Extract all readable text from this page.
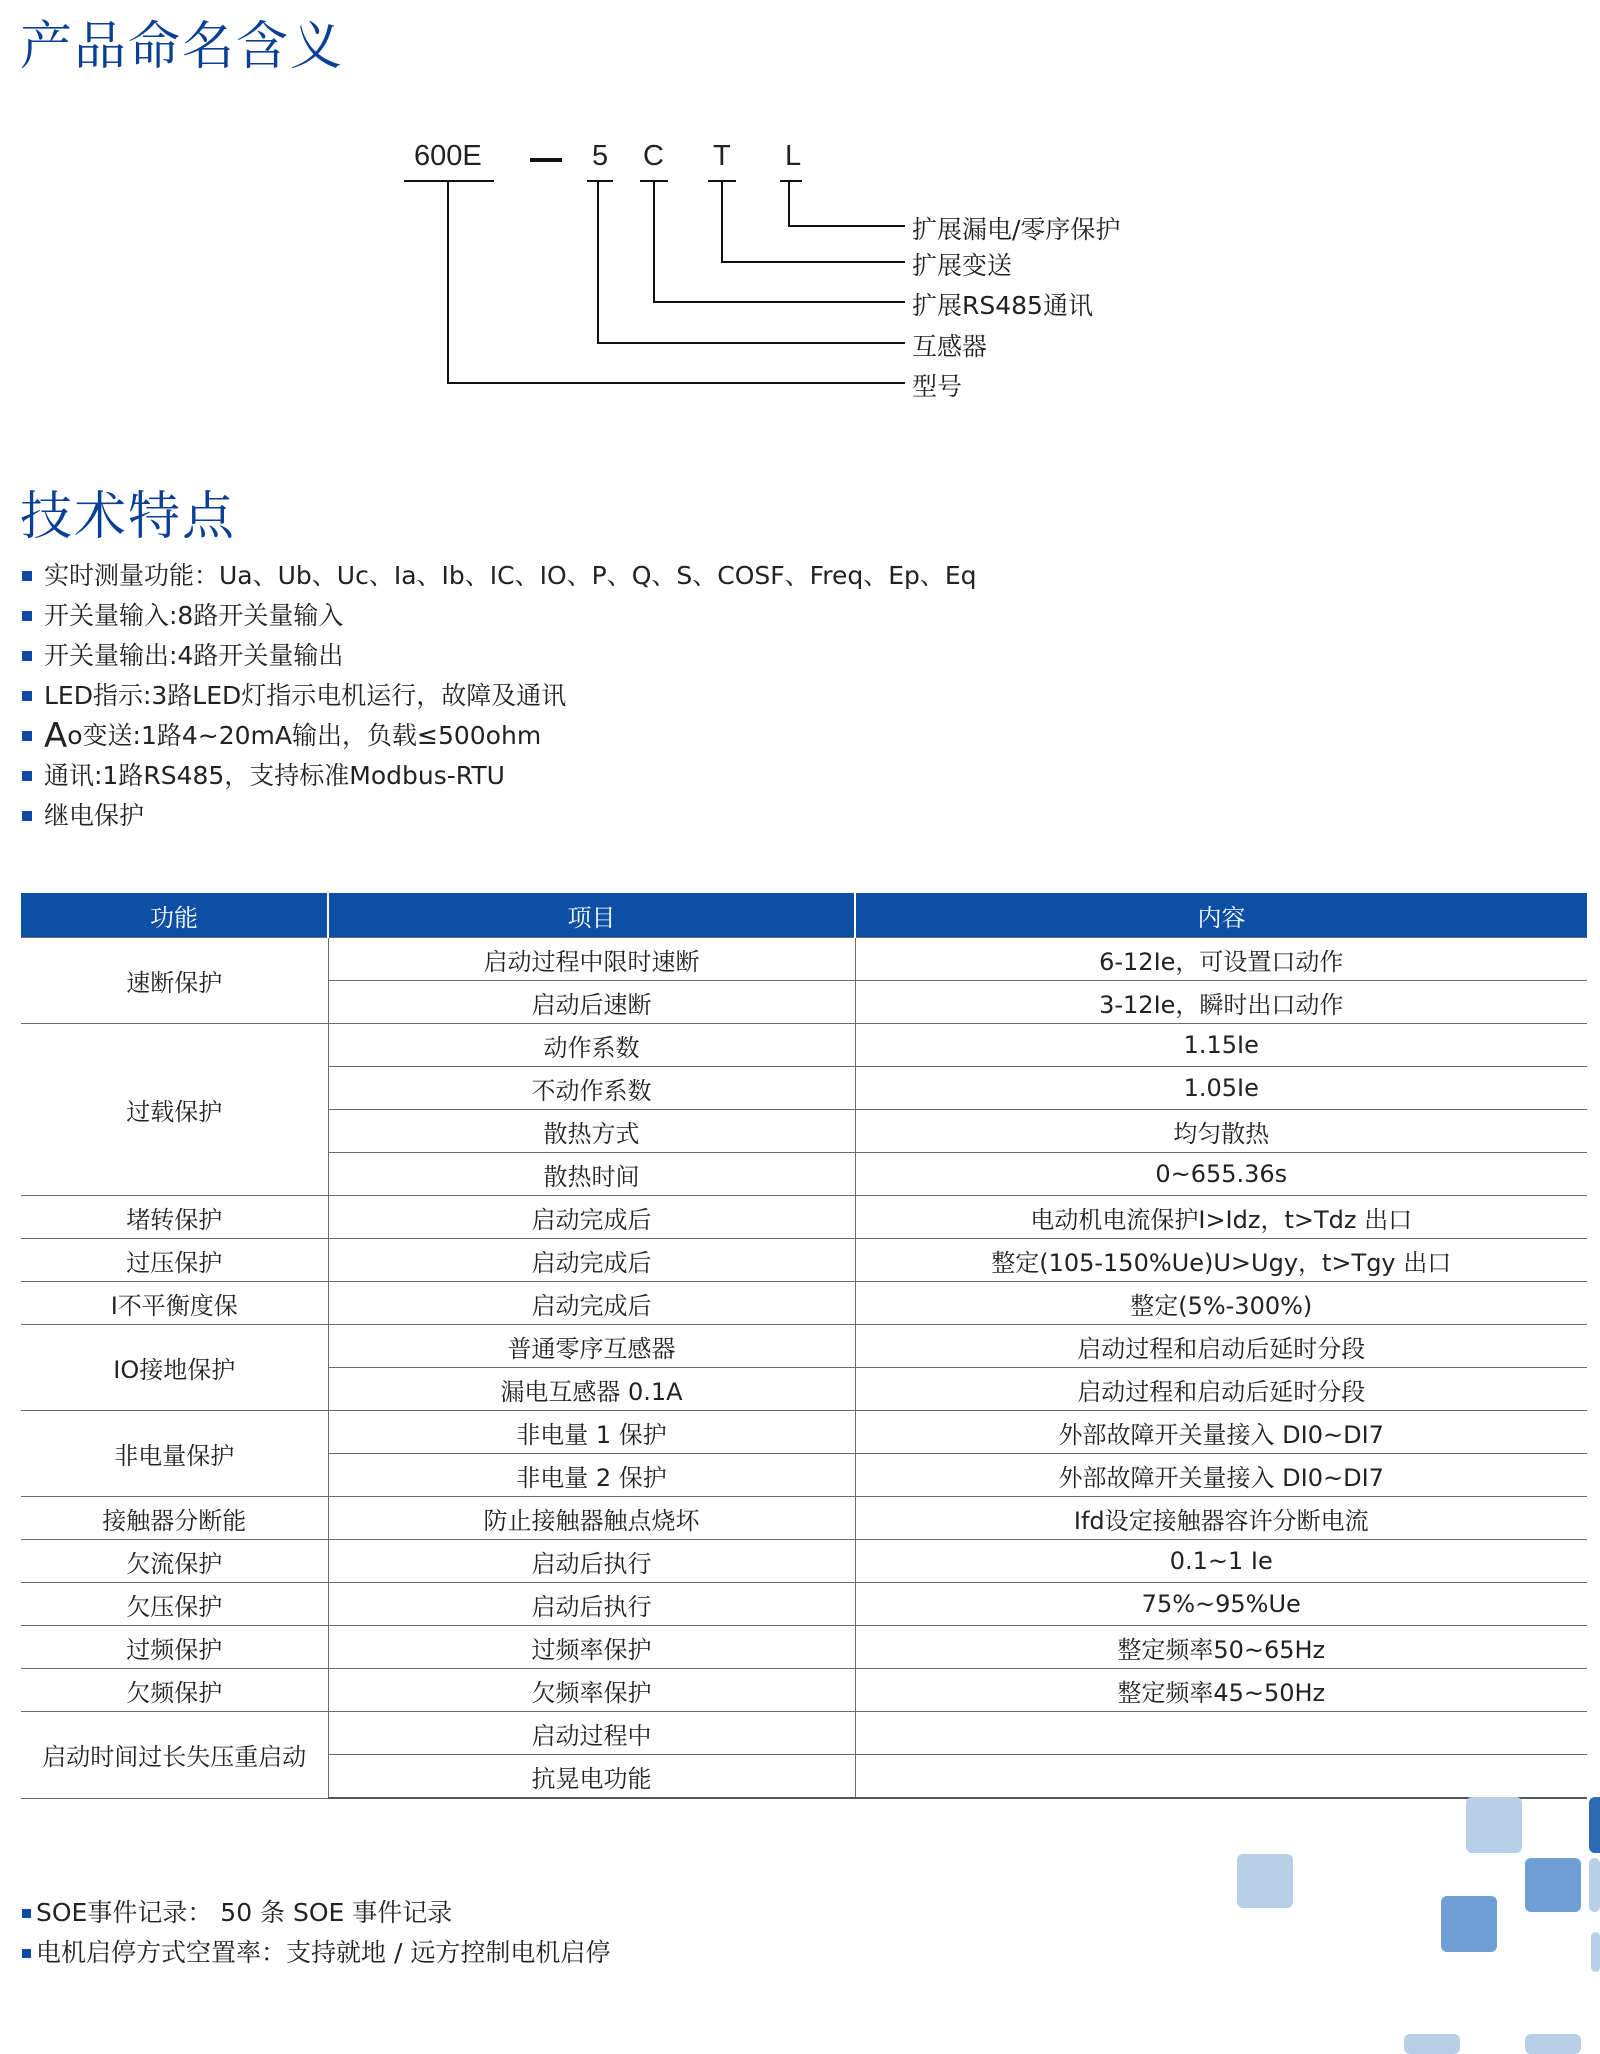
产品命名含义
600E	5 C T L
扩展漏电/零序保护
扩展变送
扩展RS485通讯
互感器
型号
技术特点
实时测量功能：Ua、Ub、Uc、Ia、Ib、IC、IO、P、Q、S、COSF、Freq、Ep、Eq
开关量输入:8路开关量输入
开关量输出:4路开关量输出
LED指示:3路LED灯指示电机运行，故障及通讯
A o变送:1路4~20mA输出，负载≤500ohm
通讯:1路RS485，支持标准Modbus-RTU
继电保护
功能	项目	内容
速断保护	启动过程中限时速断	6-12Ie，可设置口动作
	启动后速断	3-12Ie，瞬时出口动作
过载保护	动作系数	1.15Ie
	不动作系数	1.05Ie
	散热方式	均匀散热
	散热时间	0~655.36s
堵转保护	启动完成后	电动机电流保护I>Idz，t>Tdz 出口
过压保护	启动完成后	整定(105-150%Ue)U>Ugy，t>Tgy 出口
I不平衡度保	启动完成后	整定(5%-300%)
IO接地保护	普通零序互感器	启动过程和启动后延时分段
	漏电互感器 0.1A	启动过程和启动后延时分段
非电量保护	非电量 1 保护	外部故障开关量接入 DI0~DI7
	非电量 2 保护	外部故障开关量接入 DI0~DI7
接触器分断能	防止接触器触点烧坏	Ifd设定接触器容许分断电流
欠流保护	启动后执行	0.1~1 Ie
欠压保护	启动后执行	75%~95%Ue
过频保护	过频率保护	整定频率50~65Hz
欠频保护	欠频率保护	整定频率45~50Hz
启动时间过长失压重启动	启动过程中	
	抗晃电功能	
SOE事件记录： 50 条 SOE 事件记录
电机启停方式空置率：支持就地 / 远方控制电机启停
